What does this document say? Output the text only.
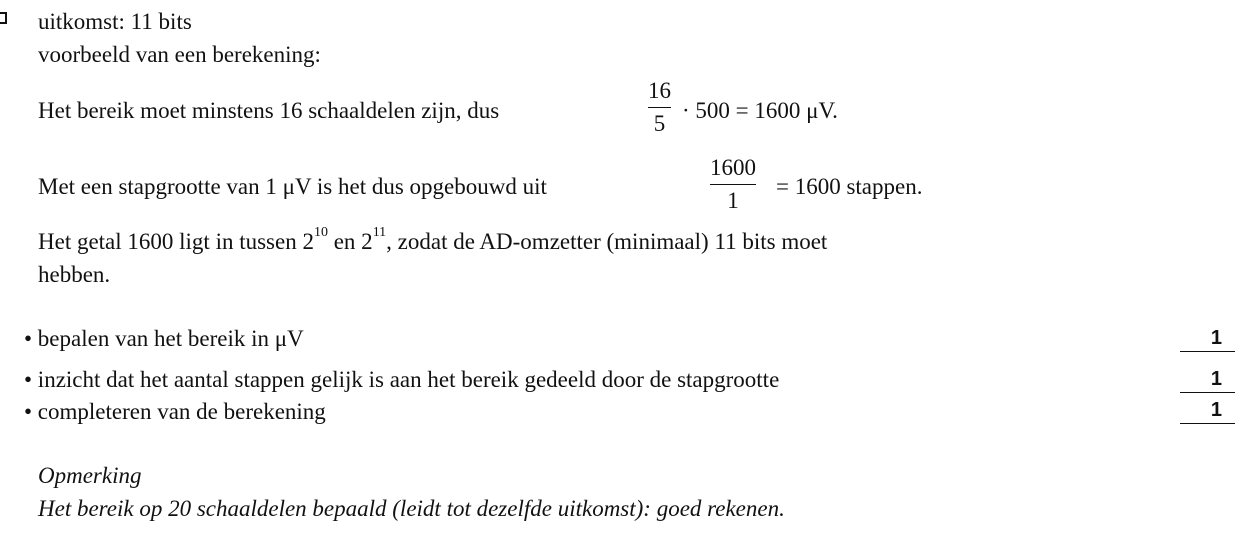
uitkomst: 11 bits
voorbeeld van een berekening:
Het bereik moet minstens 16 schaaldelen zijn, dus
16
5
· 500 = 1600 μV.
Met een stapgrootte van 1 μV is het dus opgebouwd uit
1600
1
= 1600 stappen.
Het getal 1600 ligt in tussen $2^{10}$ en $2^{11}$, zodat de AD-omzetter (minimaal) 11 bits moet
hebben.
• bepalen van het bereik in μV	1
• inzicht dat het aantal stappen gelijk is aan het bereik gedeeld door de stapgrootte	1
• completeren van de berekening	1
Opmerking
Het bereik op 20 schaaldelen bepaald (leidt tot dezelfde uitkomst): goed rekenen.
